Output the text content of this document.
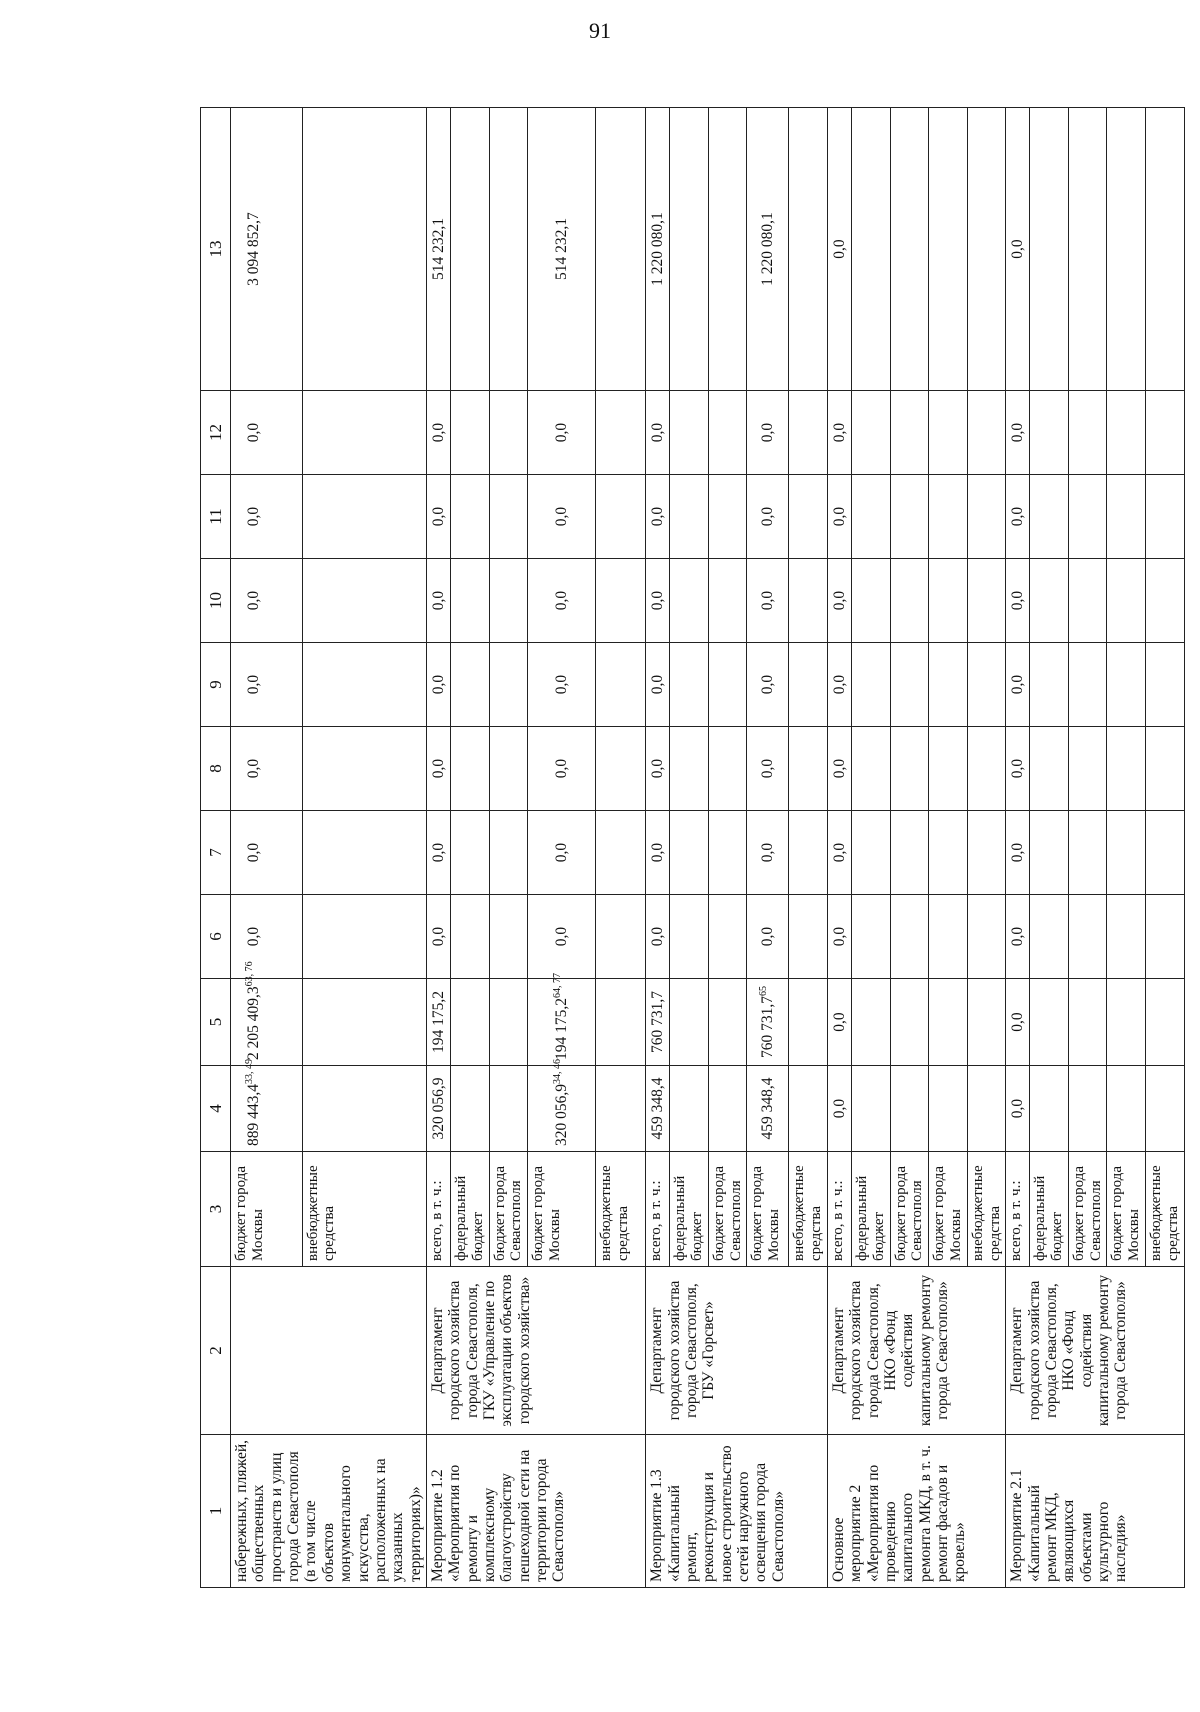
91
1	2	3	4	5	6	7	8	9	10	11	12	13
набережных, пляжей, общественных пространств и улиц города Севастополя (в том числе объектов монументального искусства, расположенных на указанных территориях)»		бюджет города Москвы	889 443,4$^{33, 49}$	2 205 409,3$^{63, 76}$	0,0	0,0	0,0	0,0	0,0	0,0	0,0	3 094 852,7
		внебюджетные средства										
Мероприятие 1.2 «Мероприятия по ремонту и комплексному благоустройству пешеходной сети на территории города Севастополя»	Департамент городского хозяйства города Севастополя, ГКУ «Управление по эксплуатации объектов городского хозяйства»	всего, в т. ч.:	320 056,9	194 175,2	0,0	0,0	0,0	0,0	0,0	0,0	0,0	514 232,1
		федеральный бюджет										
		бюджет города Севастополя										
		бюджет города Москвы	320 056,9$^{34, 46}$	194 175,2$^{64, 77}$	0,0	0,0	0,0	0,0	0,0	0,0	0,0	514 232,1
		внебюджетные средства										
Мероприятие 1.3 «Капитальный ремонт, реконструкция и новое строительство сетей наружного освещения города Севастополя»	Департамент городского хозяйства города Севастополя, ГБУ «Горсвет»	всего, в т. ч.:	459 348,4	760 731,7	0,0	0,0	0,0	0,0	0,0	0,0	0,0	1 220 080,1
		федеральный бюджет										
		бюджет города Севастополя										
		бюджет города Москвы	459 348,4	760 731,7$^{65}$	0,0	0,0	0,0	0,0	0,0	0,0	0,0	1 220 080,1
		внебюджетные средства										
Основное мероприятие 2 «Мероприятия по проведению капитального ремонта МКД, в т. ч. ремонт фасадов и кровель»	Департамент городского хозяйства города Севастополя, НКО «Фонд содействия капитальному ремонту города Севастополя»	всего, в т. ч.:	0,0	0,0	0,0	0,0	0,0	0,0	0,0	0,0	0,0	0,0
		федеральный бюджет										
		бюджет города Севастополя										
		бюджет города Москвы										
		внебюджетные средства										
Мероприятие 2.1 «Капитальный ремонт МКД, являющихся объектами культурного наследия»	Департамент городского хозяйства города Севастополя, НКО «Фонд содействия капитальному ремонту города Севастополя»	всего, в т. ч.:	0,0	0,0	0,0	0,0	0,0	0,0	0,0	0,0	0,0	0,0
		федеральный бюджет										
		бюджет города Севастополя										
		бюджет города Москвы										
		внебюджетные средства										
